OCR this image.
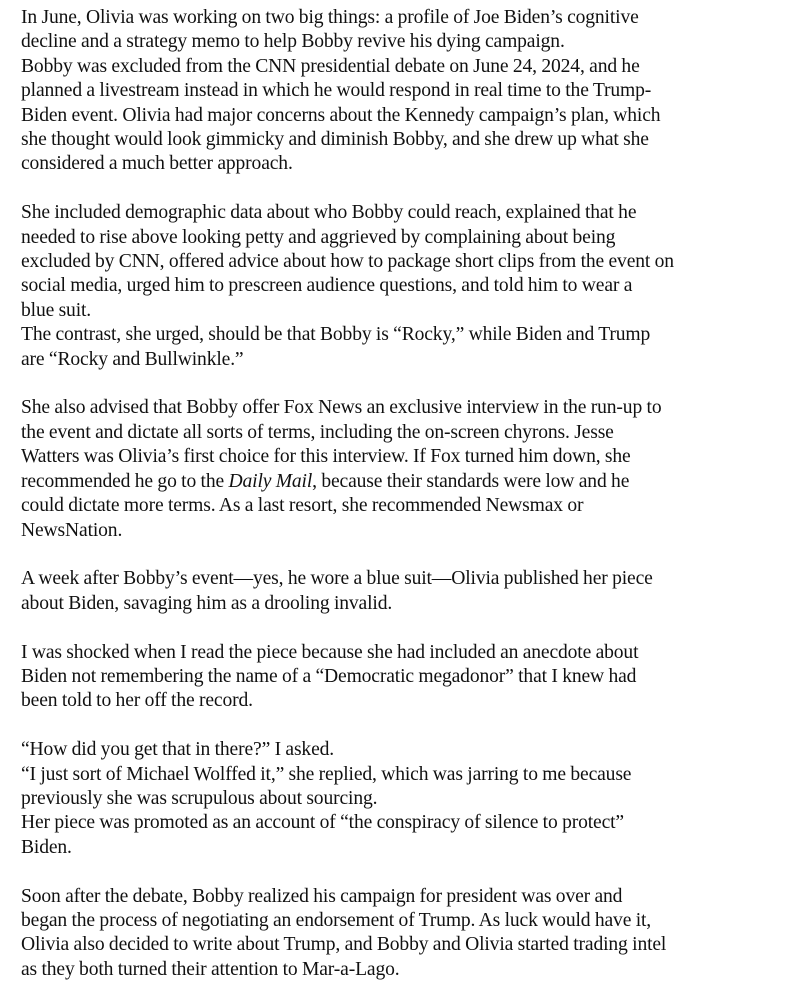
In June, Olivia was working on two big things: a profile of Joe Biden’s cognitive
decline and a strategy memo to help Bobby revive his dying campaign.
Bobby was excluded from the CNN presidential debate on June 24, 2024, and he
planned a livestream instead in which he would respond in real time to the Trump-
Biden event. Olivia had major concerns about the Kennedy campaign’s plan, which
she thought would look gimmicky and diminish Bobby, and she drew up what she
considered a much better approach.

She included demographic data about who Bobby could reach, explained that he
needed to rise above looking petty and aggrieved by complaining about being
excluded by CNN, offered advice about how to package short clips from the event on
social media, urged him to prescreen audience questions, and told him to wear a
blue suit.
The contrast, she urged, should be that Bobby is “Rocky,” while Biden and Trump
are “Rocky and Bullwinkle.”

She also advised that Bobby offer Fox News an exclusive interview in the run-up to
the event and dictate all sorts of terms, including the on-screen chyrons. Jesse
Watters was Olivia’s first choice for this interview. If Fox turned him down, she
recommended he go to the Daily Mail, because their standards were low and he
could dictate more terms. As a last resort, she recommended Newsmax or
NewsNation.

A week after Bobby’s event—yes, he wore a blue suit—Olivia published her piece
about Biden, savaging him as a drooling invalid.

I was shocked when I read the piece because she had included an anecdote about
Biden not remembering the name of a “Democratic megadonor” that I knew had
been told to her off the record.

“How did you get that in there?” I asked.
“I just sort of Michael Wolffed it,” she replied, which was jarring to me because
previously she was scrupulous about sourcing.
Her piece was promoted as an account of “the conspiracy of silence to protect”
Biden.

Soon after the debate, Bobby realized his campaign for president was over and
began the process of negotiating an endorsement of Trump. As luck would have it,
Olivia also decided to write about Trump, and Bobby and Olivia started trading intel
as they both turned their attention to Mar-a-Lago.
